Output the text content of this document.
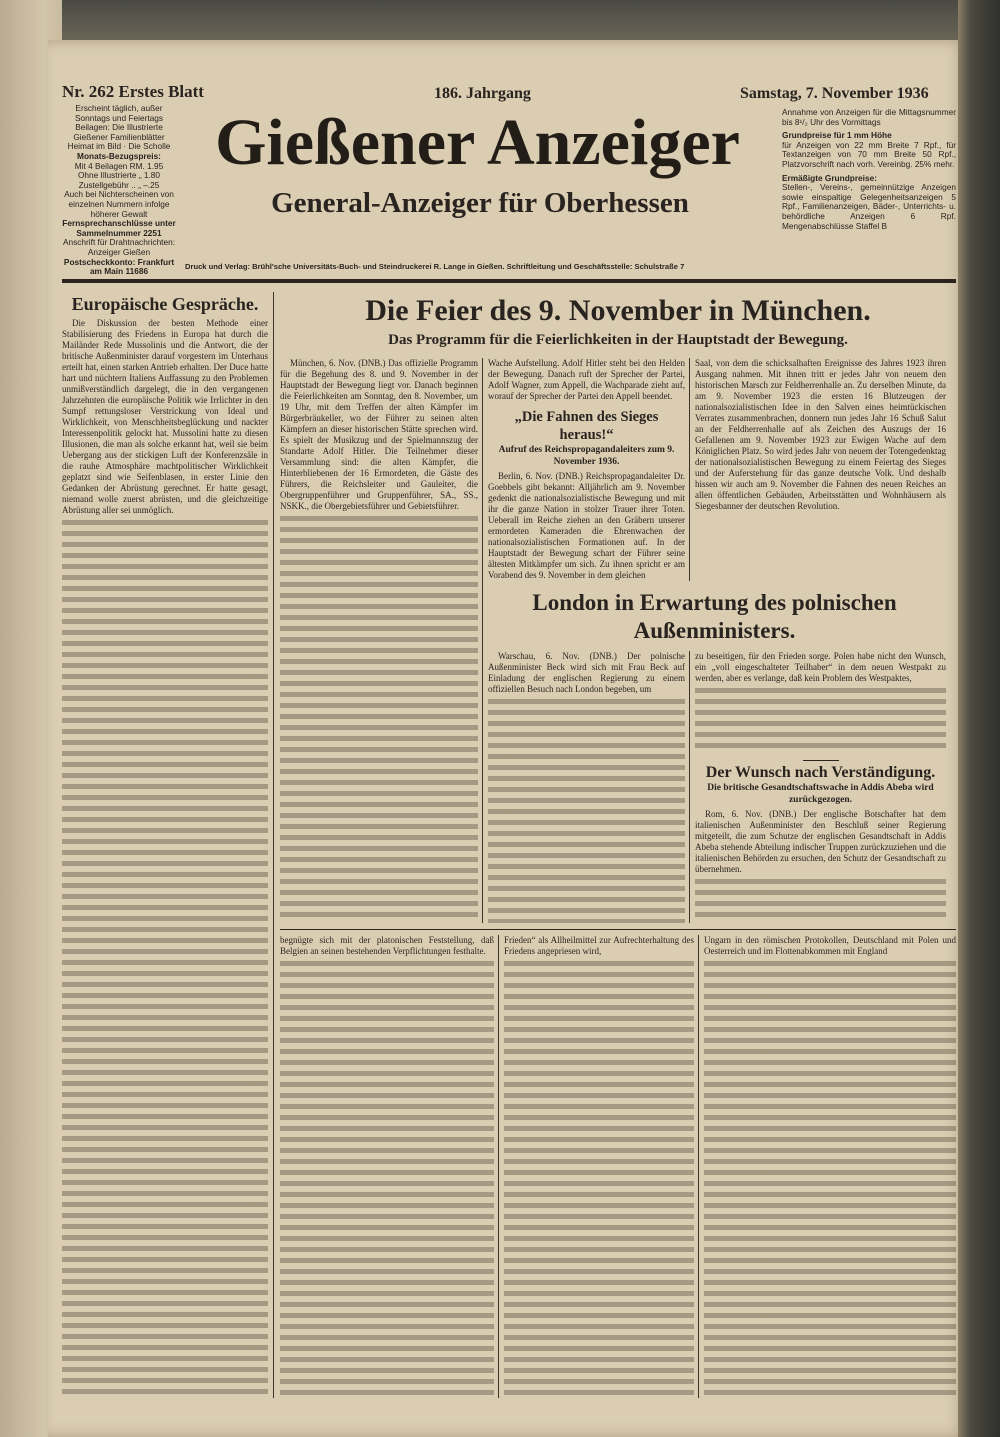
Nr. 262 Erstes Blatt	186. Jahrgang	Samstag, 7. November 1936
Erscheint täglich, außer Sonntags und Feiertags
Beilagen: Die Illustrierte Gießener Familienblätter Heimat im Bild · Die Scholle
Monats-Bezugspreis:
Mit 4 Beilagen RM. 1.95
Ohne Illustrierte „ 1.80
Zustellgebühr .. „ –.25
Auch bei Nichterscheinen von einzelnen Nummern infolge höherer Gewalt
Fernsprechanschlüsse unter Sammelnummer 2251
Anschrift für Drahtnachrichten: Anzeiger Gießen
Postscheckkonto: Frankfurt am Main 11686
Gießener Anzeiger
General-Anzeiger für Oberhessen
Annahme von Anzeigen für die Mittagsnummer bis 8¹/₂ Uhr des Vormittags
Grundpreise für 1 mm Höhe
für Anzeigen von 22 mm Breite 7 Rpf., für Textanzeigen von 70 mm Breite 50 Rpf., Platzvorschrift nach vorh. Vereinbg. 25% mehr.
Ermäßigte Grundpreise:
Stellen-, Vereins-, gemeinnützige Anzeigen sowie einspaltige Gelegenheitsanzeigen 5 Rpf., Familienanzeigen, Bäder-, Unterrichts- u. behördliche Anzeigen 6 Rpf. Mengenabschlüsse Staffel B
Druck und Verlag: Brühl'sche Universitäts-Buch- und Steindruckerei R. Lange in Gießen. Schriftleitung und Geschäftsstelle: Schulstraße 7
Europäische Gespräche.
Die Diskussion der besten Methode einer Stabilisierung des Friedens in Europa hat durch die Mailänder Rede Mussolinis und die Antwort, die der britische Außenminister darauf vorgestern im Unterhaus erteilt hat, einen starken Antrieb erhalten. Der Duce hatte hart und nüchtern Italiens Auffassung zu den Problemen unmißverständlich dargelegt, die in den vergangenen Jahrzehnten die europäische Politik wie Irrlichter in den Sumpf rettungsloser Verstrickung von Ideal und Wirklichkeit, von Menschheitsbeglückung und nackter Interessenpolitik gelockt hat. Mussolini hatte zu diesen Illusionen, die man als solche erkannt hat, weil sie beim Uebergang aus der stickigen Luft der Konferenzsäle in die rauhe Atmosphäre machtpolitischer Wirklichkeit geplatzt sind wie Seifenblasen, in erster Linie den Gedanken der Abrüstung gerechnet. Er hatte gesagt, niemand wolle zuerst abrüsten, und die gleichzeitige Abrüstung aller sei unmöglich.
Die Feier des 9. November in München.
Das Programm für die Feierlichkeiten in der Hauptstadt der Bewegung.
München, 6. Nov. (DNB.) Das offizielle Programm für die Begehung des 8. und 9. November in der Hauptstadt der Bewegung liegt vor. Danach beginnen die Feierlichkeiten am Sonntag, den 8. November, um 19 Uhr, mit dem Treffen der alten Kämpfer im Bürgerbräukeller, wo der Führer zu seinen alten Kämpfern an dieser historischen Stätte sprechen wird. Es spielt der Musikzug und der Spielmannszug der Standarte Adolf Hitler. Die Teilnehmer dieser Versammlung sind: die alten Kämpfer, die Hinterbliebenen der 16 Ermordeten, die Gäste des Führers, die Reichsleiter und Gauleiter, die Obergruppenführer und Gruppenführer, SA., SS., NSKK., die Obergebietsführer und Gebietsführer.
Wache Aufstellung. Adolf Hitler steht bei den Helden der Bewegung. Danach ruft der Sprecher der Partei, Adolf Wagner, zum Appell, die Wachparade zieht auf, worauf der Sprecher der Partei den Appell beendet.
„Die Fahnen des Sieges heraus!“
Aufruf des Reichspropagandaleiters zum 9. November 1936.
Berlin, 6. Nov. (DNB.) Reichspropagandaleiter Dr. Goebbels gibt bekannt: Alljährlich am 9. November gedenkt die nationalsozialistische Bewegung und mit ihr die ganze Nation in stolzer Trauer ihrer Toten. Ueberall im Reiche ziehen an den Gräbern unserer ermordeten Kameraden die Ehrenwachen der nationalsozialistischen Formationen auf. In der Hauptstadt der Bewegung schart der Führer seine ältesten Mitkämpfer um sich. Zu ihnen spricht er am Vorabend des 9. November in dem gleichen
Saal, von dem die schicksalhaften Ereignisse des Jahres 1923 ihren Ausgang nahmen. Mit ihnen tritt er jedes Jahr von neuem den historischen Marsch zur Feldherrenhalle an. Zu derselben Minute, da am 9. November 1923 die ersten 16 Blutzeugen der nationalsozialistischen Idee in den Salven eines heimtückischen Verrates zusammenbrachen, donnern nun jedes Jahr 16 Schuß Salut an der Feldherrenhalle auf als Zeichen des Auszugs der 16 Gefallenen am 9. November 1923 zur Ewigen Wache auf dem Königlichen Platz. So wird jedes Jahr von neuem der Totengedenktag der nationalsozialistischen Bewegung zu einem Feiertag des Sieges und der Auferstehung für das ganze deutsche Volk. Und deshalb hissen wir auch am 9. November die Fahnen des neuen Reiches an allen öffentlichen Gebäuden, Arbeitsstätten und Wohnhäusern als Siegesbanner der deutschen Revolution.
London in Erwartung des polnischen Außenministers.
Warschau, 6. Nov. (DNB.) Der polnische Außenminister Beck wird sich mit Frau Beck auf Einladung der englischen Regierung zu einem offiziellen Besuch nach London begeben, um
zu beseitigen, für den Frieden sorge. Polen habe nicht den Wunsch, ein „voll eingeschalteter Teilhaber“ in dem neuen Westpakt zu werden, aber es verlange, daß kein Problem des Westpaktes,
Der Wunsch nach Verständigung.
Die britische Gesandtschaftswache in Addis Abeba wird zurückgezogen.
Rom, 6. Nov. (DNB.) Der englische Botschafter hat dem italienischen Außenminister den Beschluß seiner Regierung mitgeteilt, die zum Schutze der englischen Gesandtschaft in Addis Abeba stehende Abteilung indischer Truppen zurückzuziehen und die italienischen Behörden zu ersuchen, den Schutz der Gesandtschaft zu übernehmen.
begnügte sich mit der platonischen Feststellung, daß Belgien an seinen bestehenden Verpflichtungen festhalte.
Frieden“ als Allheilmittel zur Aufrechterhaltung des Friedens angepriesen wird,
Ungarn in den römischen Protokollen, Deutschland mit Polen und Oesterreich und im Flottenabkommen mit England
